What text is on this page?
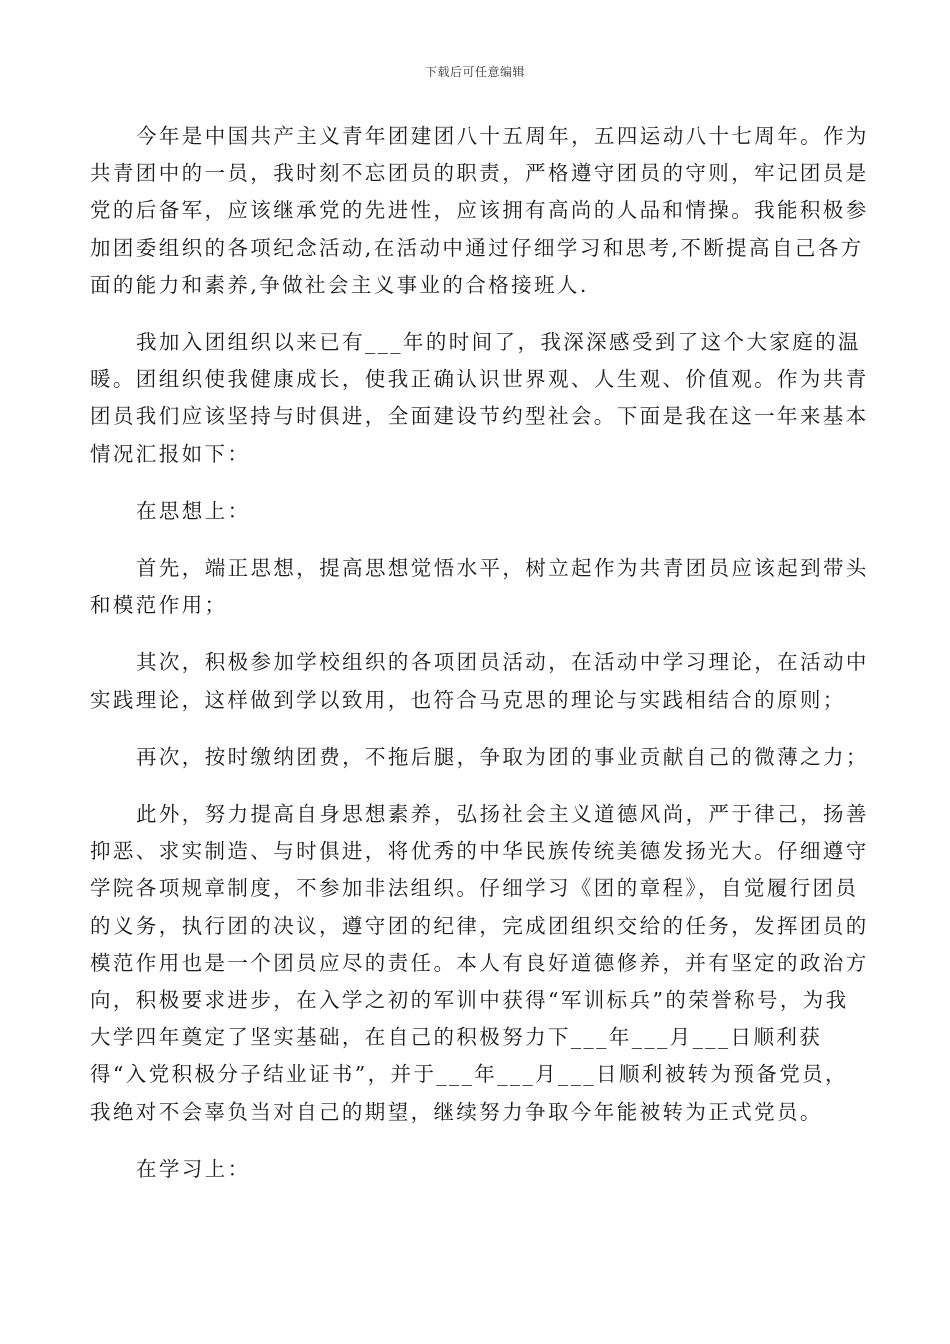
下载后可任意编辑

今年是中国共产主义青年团建团八十五周年，五四运动八十七周年。作为共青团中的一员，我时刻不忘团员的职责，严格遵守团员的守则，牢记团员是党的后备军，应该继承党的先进性，应该拥有高尚的人品和情操。我能积极参加团委组织的各项纪念活动,在活动中通过仔细学习和思考,不断提高自己各方面的能力和素养,争做社会主义事业的合格接班人.

我加入团组织以来已有___年的时间了，我深深感受到了这个大家庭的温暖。团组织使我健康成长，使我正确认识世界观、人生观、价值观。作为共青团员我们应该坚持与时俱进，全面建设节约型社会。下面是我在这一年来基本情况汇报如下：

在思想上：

首先，端正思想，提高思想觉悟水平，树立起作为共青团员应该起到带头和模范作用；

其次，积极参加学校组织的各项团员活动，在活动中学习理论，在活动中实践理论，这样做到学以致用，也符合马克思的理论与实践相结合的原则；

再次，按时缴纳团费，不拖后腿，争取为团的事业贡献自己的微薄之力；

此外，努力提高自身思想素养，弘扬社会主义道德风尚，严于律己，扬善抑恶、求实制造、与时俱进，将优秀的中华民族传统美德发扬光大。仔细遵守学院各项规章制度，不参加非法组织。仔细学习《团的章程》，自觉履行团员的义务，执行团的决议，遵守团的纪律，完成团组织交给的任务，发挥团员的模范作用也是一个团员应尽的责任。本人有良好道德修养，并有坚定的政治方向，积极要求进步，在入学之初的军训中获得“军训标兵”的荣誉称号，为我大学四年奠定了坚实基础，在自己的积极努力下___年___月___日顺利获得“入党积极分子结业证书”，并于___年___月___日顺利被转为预备党员，我绝对不会辜负当对自己的期望，继续努力争取今年能被转为正式党员。

在学习上：
